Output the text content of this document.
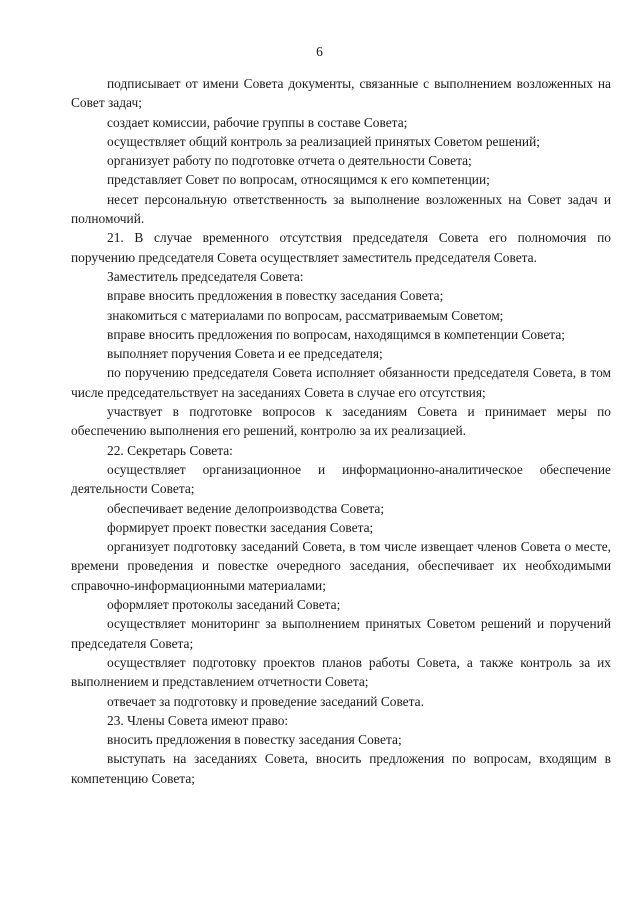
6

подписывает от имени Совета документы, связанные с выполнением возложенных на Совет задач;

создает комиссии, рабочие группы в составе Совета;

осуществляет общий контроль за реализацией принятых Советом решений;

организует работу по подготовке отчета о деятельности Совета;

представляет Совет по вопросам, относящимся к его компетенции;

несет персональную ответственность за выполнение возложенных на Совет задач и полномочий.

21. В случае временного отсутствия председателя Совета его полномочия по поручению председателя Совета осуществляет заместитель председателя Совета.

Заместитель председателя Совета:

вправе вносить предложения в повестку заседания Совета;

знакомиться с материалами по вопросам, рассматриваемым Советом;

вправе вносить предложения по вопросам, находящимся в компетенции Совета;

выполняет поручения Совета и ее председателя;

по поручению председателя Совета исполняет обязанности председателя Совета, в том числе председательствует на заседаниях Совета в случае его отсутствия;

участвует в подготовке вопросов к заседаниям Совета и принимает меры по обеспечению выполнения его решений, контролю за их реализацией.

22. Секретарь Совета:

осуществляет организационное и информационно-аналитическое обеспечение деятельности Совета;

обеспечивает ведение делопроизводства Совета;

формирует проект повестки заседания Совета;

организует подготовку заседаний Совета, в том числе извещает членов Совета о месте, времени проведения и повестке очередного заседания, обеспечивает их необходимыми справочно-информационными материалами;

оформляет протоколы заседаний Совета;

осуществляет мониторинг за выполнением принятых Советом решений и поручений председателя Совета;

осуществляет подготовку проектов планов работы Совета, а также контроль за их выполнением и представлением отчетности Совета;

отвечает за подготовку и проведение заседаний Совета.

23. Члены Совета имеют право:

вносить предложения в повестку заседания Совета;

выступать на заседаниях Совета, вносить предложения по вопросам, входящим в компетенцию Совета;
